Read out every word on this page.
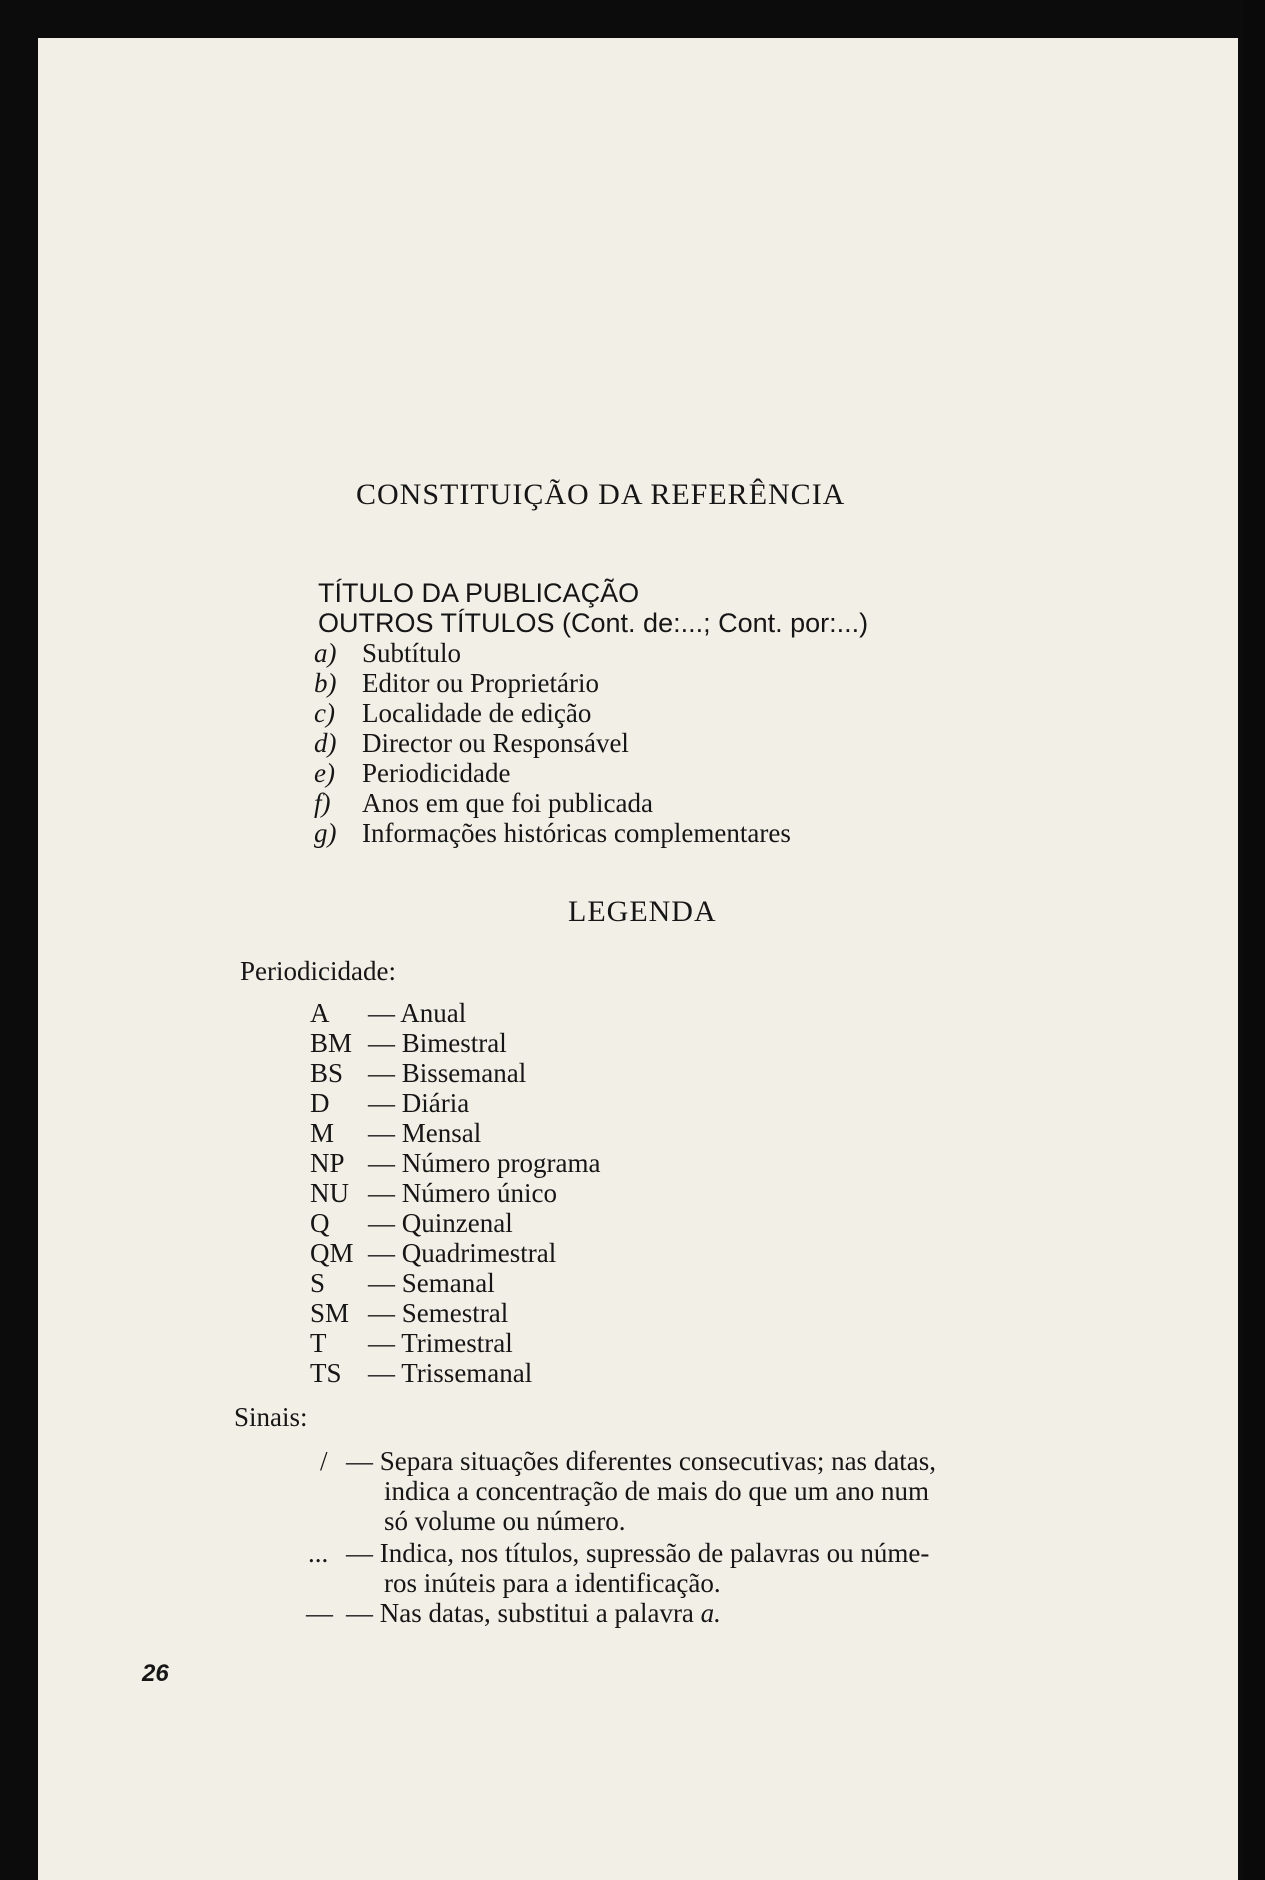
CONSTITUIÇÃO DA REFERÊNCIA
TÍTULO DA PUBLICAÇÃO
OUTROS TÍTULOS (Cont. de:...; Cont. por:...)
a) Subtítulo
b) Editor ou Proprietário
c) Localidade de edição
d) Director ou Responsável
e) Periodicidade
f) Anos em que foi publicada
g) Informações históricas complementares
LEGENDA
Periodicidade:
A — Anual
BM — Bimestral
BS — Bissemanal
D — Diária
M — Mensal
NP — Número programa
NU — Número único
Q — Quinzenal
QM — Quadrimestral
S — Semanal
SM — Semestral
T — Trimestral
TS — Trissemanal
Sinais:
/ — Separa situações diferentes consecutivas; nas datas,
indica a concentração de mais do que um ano num
só volume ou número.
... — Indica, nos títulos, supressão de palavras ou núme-
ros inúteis para a identificação.
— — Nas datas, substitui a palavra a.
26
